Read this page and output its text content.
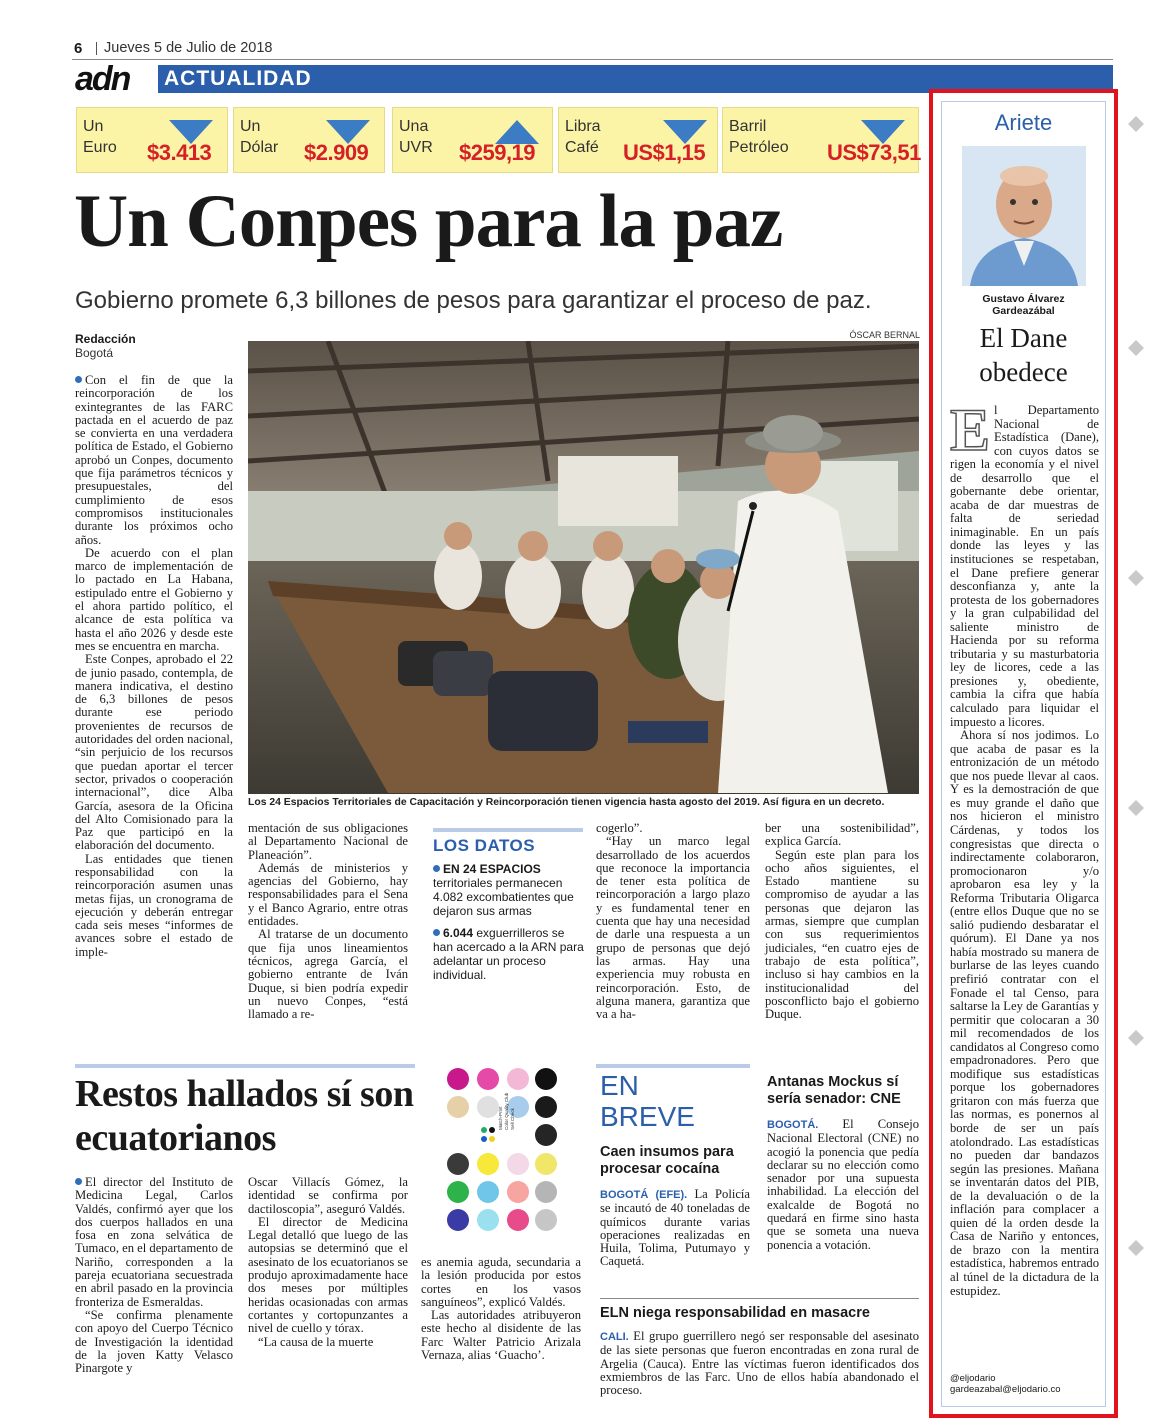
6 Jueves 5 de Julio de 2018
adn	ACTUALIDAD
Un
Euro $3.413
Un
Dólar $2.909
Una
UVR $259,19
Libra
Café US$1,15
Barril
Petróleo US$73,51
Un Conpes para la paz
Gobierno promete 6,3 billones de pesos para garantizar el proceso de paz.
Redacción
Bogotá
ÓSCAR BERNAL
Los 24 Espacios Territoriales de Capacitación y Reincorporación tienen vigencia hasta agosto del 2019. Así figura en un decreto.

Con el fin de que la reincorporación de los exintegrantes de las FARC pactada en el acuerdo de paz se convierta en una verdadera política de Estado, el Gobierno aprobó un Conpes, documento que fija parámetros técnicos y presupuestales, del cumplimiento de esos compromisos institucionales durante los próximos ocho años.

De acuerdo con el plan marco de implementación de lo pactado en La Habana, estipulado entre el Gobierno y el ahora partido político, el alcance de esta política va hasta el año 2026 y desde este mes se encuentra en marcha.

Este Conpes, aprobado el 22 de junio pasado, contempla, de manera indicativa, el destino de 6,3 billones de pesos durante ese periodo provenientes de recursos de autoridades del orden nacional, “sin perjuicio de los recursos que puedan aportar el tercer sector, privados o cooperación internacional”, dice Alba García, asesora de la Oficina del Alto Comisionado para la Paz que participó en la elaboración del documento.

Las entidades que tienen responsabilidad con la reincorporación asumen unas metas fijas, un cronograma de ejecución y deberán entregar cada seis meses “informes de avances sobre el estado de imple-

mentación de sus obligaciones al Departamento Nacional de Planeación”.

Además de ministerios y agencias del Gobierno, hay responsabilidades para el Sena y el Banco Agrario, entre otras entidades.

Al tratarse de un documento que fija unos lineamientos técnicos, agrega García, el gobierno entrante de Iván Duque, si bien podría expedir un nuevo Conpes, “está llamado a re-

LOS DATOS
EN 24 ESPACIOS territoriales permanecen 4.082 excombatientes que dejaron sus armas
6.044 exguerrilleros se han acercado a la ARN para adelantar un proceso individual.

cogerlo”.

“Hay un marco legal desarrollado de los acuerdos que reconoce la importancia de tener esta política de reincorporación a largo plazo y es fundamental tener en cuenta que hay una necesidad de darle una respuesta a un grupo de personas que dejó las armas. Hay una experiencia muy robusta en reincorporación. Esto, de alguna manera, garantiza que va a ha-

ber una sostenibilidad”, explica García.

Según este plan para los ocho años siguientes, el Estado mantiene su compromiso de ayudar a las personas que dejaron las armas, siempre que cumplan con sus requerimientos judiciales, “en cuatro ejes de trabajo de esta política”, incluso si hay cambios en la institucionalidad del posconflicto bajo el gobierno Duque.

Restos hallados sí son ecuatorianos	Match-Print
Color Quality Club
Sell Check

El director del Instituto de Medicina Legal, Carlos Valdés, confirmó ayer que los dos cuerpos hallados en una fosa en zona selvática de Tumaco, en el departamento de Nariño, corresponden a la pareja ecuatoriana secuestrada en abril pasado en la provincia fronteriza de Esmeraldas.

“Se confirma plenamente con apoyo del Cuerpo Técnico de Investigación la identidad de la joven Katty Velasco Pinargote y

Oscar Villacís Gómez, la identidad se confirma por dactiloscopia”, aseguró Valdés.

El director de Medicina Legal detalló que luego de las autopsias se determinó que el asesinato de los ecuatorianos se produjo aproximadamente hace dos meses por múltiples heridas ocasionadas con armas cortantes y cortopunzantes a nivel de cuello y tórax.

“La causa de la muerte

es anemia aguda, secundaria a la lesión producida por estos cortes en los vasos sanguíneos”, explicó Valdés.

Las autoridades atribuyeron este hecho al disidente de las Farc Walter Patricio Arizala Vernaza, alias ‘Guacho’.

EN
BREVE
Caen insumos para procesar cocaína
BOGOTÁ (EFE). La Policía se incautó de 40 toneladas de químicos durante varias operaciones realizadas en Huila, Tolima, Putumayo y Caquetá.
Antanas Mockus sí sería senador: CNE
BOGOTÁ. El Consejo Nacional Electoral (CNE) no acogió la ponencia que pedía declarar su no elección como senador por una supuesta inhabilidad. La elección del exalcalde de Bogotá no quedará en firme sino hasta que se someta una nueva ponencia a votación.
ELN niega responsabilidad en masacre
CALI. El grupo guerrillero negó ser responsable del asesinato de las siete personas que fueron encontradas en zona rural de Argelia (Cauca). Entre las víctimas fueron identificados dos exmiembros de las Farc. Uno de ellos había abandonado el proceso.
Ariete
Gustavo Álvarez
Gardeazábal
El Dane
obedece

El Departamento Nacional de Estadística (Dane), con cuyos datos se rigen la economía y el nivel de desarrollo que el gobernante debe orientar, acaba de dar muestras de falta de seriedad inimaginable. En un país donde las leyes y las instituciones se respetaban, el Dane prefiere generar desconfianza y, ante la protesta de los gobernadores y la gran culpabilidad del saliente ministro de Hacienda por su reforma tributaria y su masturbatoria ley de licores, cede a las presiones y, obediente, cambia la cifra que había calculado para liquidar el impuesto a licores.

Ahora sí nos jodimos. Lo que acaba de pasar es la entronización de un método que nos puede llevar al caos. Y es la demostración de que es muy grande el daño que nos hicieron el ministro Cárdenas, y todos los congresistas que directa o indirectamente colaboraron, promocionaron y/o aprobaron esa ley y la Reforma Tributaria Oligarca (entre ellos Duque que no se salió pudiendo desbaratar el quórum). El Dane ya nos había mostrado su manera de burlarse de las leyes cuando prefirió contratar con el Fonade el tal Censo, para saltarse la Ley de Garantías y permitir que colocaran a 30 mil recomendados de los candidatos al Congreso como empadronadores. Pero que modifique sus estadísticas porque los gobernadores gritaron con más fuerza que las normas, es ponernos al borde de ser un país atolondrado. Las estadísticas no pueden dar bandazos según las presiones. Mañana se inventarán datos del PIB, de la devaluación o de la inflación para complacer a quien dé la orden desde la Casa de Nariño y entonces, de brazo con la mentira estadística, habremos entrado al túnel de la dictadura de la estupidez.

@eljodario
gardeazabal@eljodario.co
